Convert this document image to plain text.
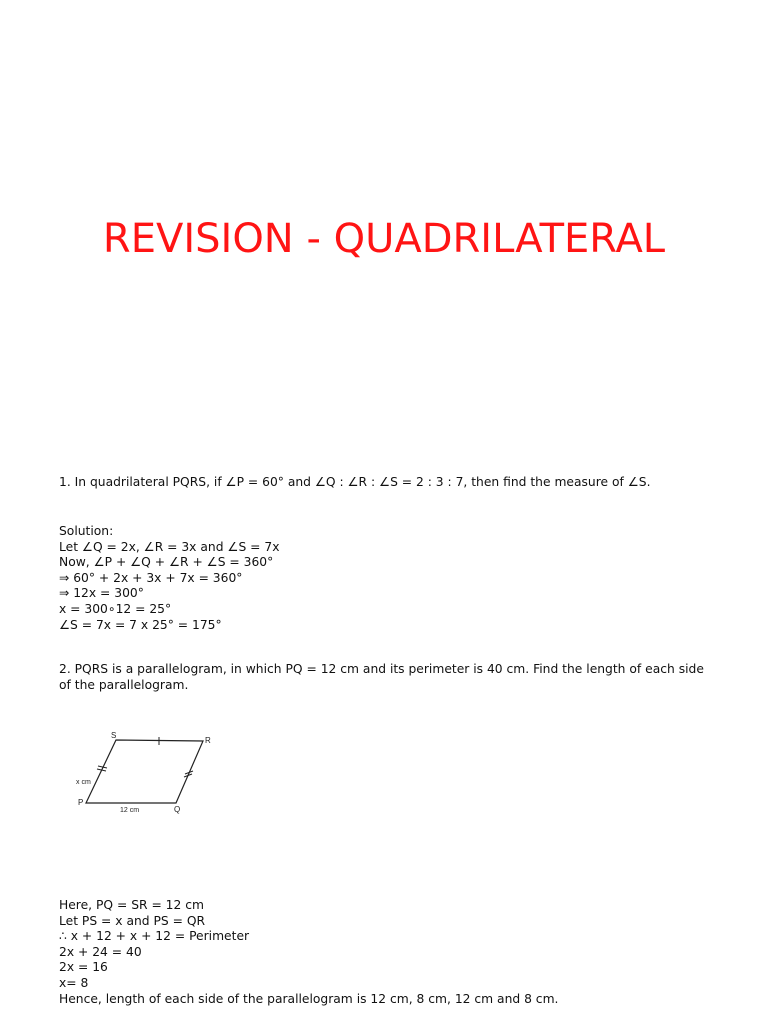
REVISION - QUADRILATERAL
1. In quadrilateral PQRS, if ∠P = 60° and ∠Q : ∠R : ∠S = 2 : 3 : 7, then find the measure of ∠S.
Solution:
Let ∠Q = 2x, ∠R = 3x and ∠S = 7x
Now, ∠P + ∠Q + ∠R + ∠S = 360°
⇒ 60° + 2x + 3x + 7x = 360°
⇒ 12x = 300°
x = 300∘12 = 25°
∠S = 7x = 7 x 25° = 175°
2. PQRS is a parallelogram, in which PQ = 12 cm and its perimeter is 40 cm. Find the length of each side of the parallelogram.
S
R
P
Q
x cm
12 cm
Here, PQ = SR = 12 cm
Let PS = x and PS = QR
∴ x + 12 + x + 12 = Perimeter
2x + 24 = 40
2x = 16
x= 8
Hence, length of each side of the parallelogram is 12 cm, 8 cm, 12 cm and 8 cm.
